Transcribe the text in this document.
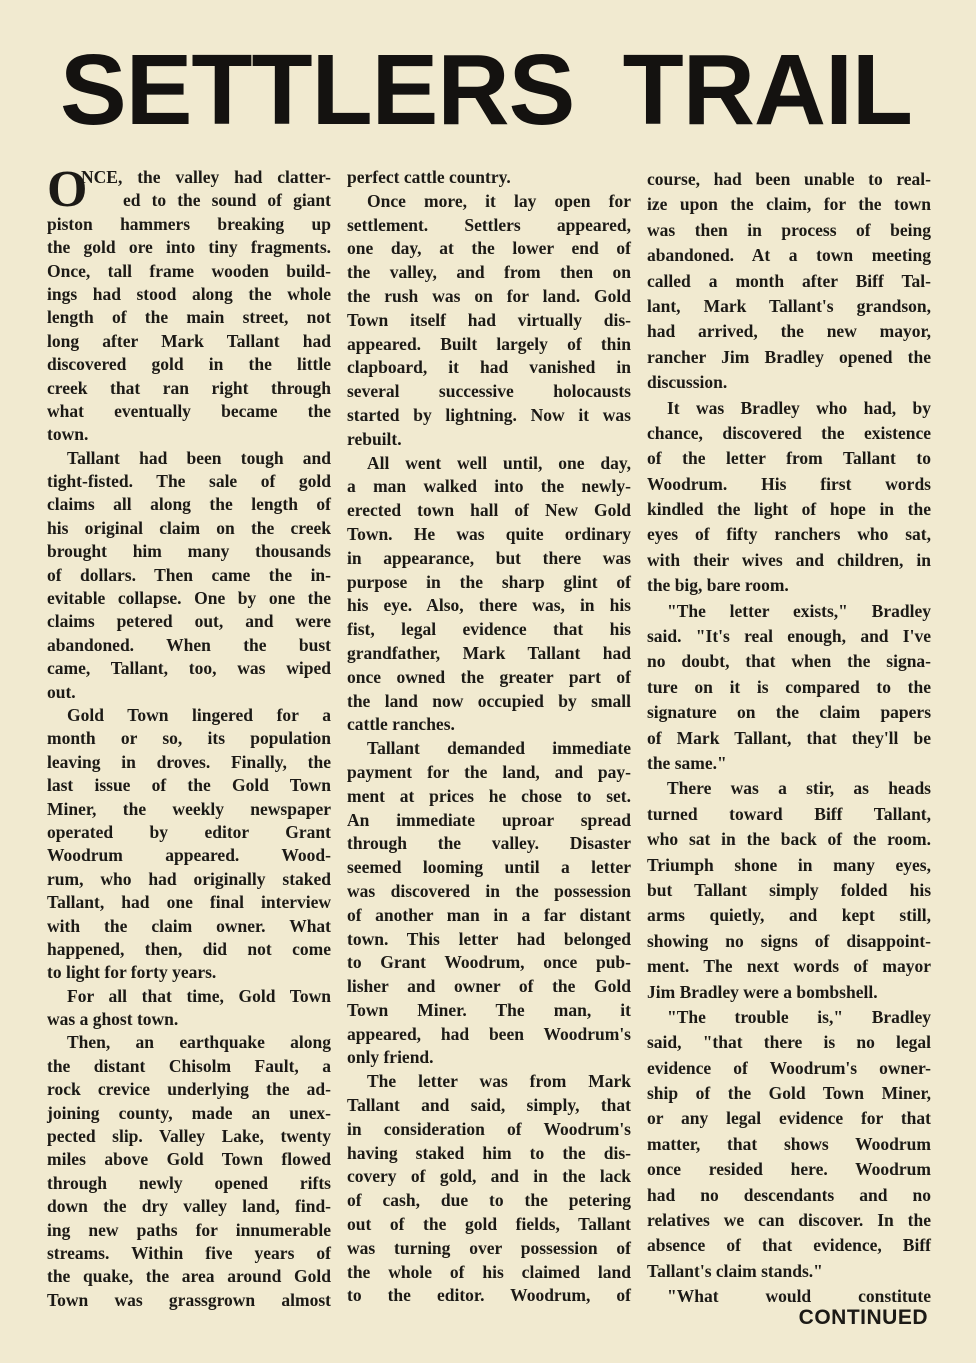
SETTLERS TRAIL
O
NCE, the valley had clatter-
ed to the sound of giant
piston hammers breaking up
the gold ore into tiny fragments.
Once, tall frame wooden build-
ings had stood along the whole
length of the main street, not
long after Mark Tallant had
discovered gold in the little
creek that ran right through
what eventually became the
town.
Tallant had been tough and
tight-fisted. The sale of gold
claims all along the length of
his original claim on the creek
brought him many thousands
of dollars. Then came the in-
evitable collapse. One by one the
claims petered out, and were
abandoned. When the bust
came, Tallant, too, was wiped
out.
Gold Town lingered for a
month or so, its population
leaving in droves. Finally, the
last issue of the Gold Town
Miner, the weekly newspaper
operated by editor Grant
Woodrum appeared. Wood-
rum, who had originally staked
Tallant, had one final interview
with the claim owner. What
happened, then, did not come
to light for forty years.
For all that time, Gold Town
was a ghost town.
Then, an earthquake along
the distant Chisolm Fault, a
rock crevice underlying the ad-
joining county, made an unex-
pected slip. Valley Lake, twenty
miles above Gold Town flowed
through newly opened rifts
down the dry valley land, find-
ing new paths for innumerable
streams. Within five years of
the quake, the area around Gold
Town was grassgrown almost
perfect cattle country.
Once more, it lay open for
settlement. Settlers appeared,
one day, at the lower end of
the valley, and from then on
the rush was on for land. Gold
Town itself had virtually dis-
appeared. Built largely of thin
clapboard, it had vanished in
several successive holocausts
started by lightning. Now it was
rebuilt.
All went well until, one day,
a man walked into the newly-
erected town hall of New Gold
Town. He was quite ordinary
in appearance, but there was
purpose in the sharp glint of
his eye. Also, there was, in his
fist, legal evidence that his
grandfather, Mark Tallant had
once owned the greater part of
the land now occupied by small
cattle ranches.
Tallant demanded immediate
payment for the land, and pay-
ment at prices he chose to set.
An immediate uproar spread
through the valley. Disaster
seemed looming until a letter
was discovered in the possession
of another man in a far distant
town. This letter had belonged
to Grant Woodrum, once pub-
lisher and owner of the Gold
Town Miner. The man, it
appeared, had been Woodrum's
only friend.
The letter was from Mark
Tallant and said, simply, that
in consideration of Woodrum's
having staked him to the dis-
covery of gold, and in the lack
of cash, due to the petering
out of the gold fields, Tallant
was turning over possession of
the whole of his claimed land
to the editor. Woodrum, of
course, had been unable to real-
ize upon the claim, for the town
was then in process of being
abandoned. At a town meeting
called a month after Biff Tal-
lant, Mark Tallant's grandson,
had arrived, the new mayor,
rancher Jim Bradley opened the
discussion.
It was Bradley who had, by
chance, discovered the existence
of the letter from Tallant to
Woodrum. His first words
kindled the light of hope in the
eyes of fifty ranchers who sat,
with their wives and children, in
the big, bare room.
"The letter exists," Bradley
said. "It's real enough, and I've
no doubt, that when the signa-
ture on it is compared to the
signature on the claim papers
of Mark Tallant, that they'll be
the same."
There was a stir, as heads
turned toward Biff Tallant,
who sat in the back of the room.
Triumph shone in many eyes,
but Tallant simply folded his
arms quietly, and kept still,
showing no signs of disappoint-
ment. The next words of mayor
Jim Bradley were a bombshell.
"The trouble is," Bradley
said, "that there is no legal
evidence of Woodrum's owner-
ship of the Gold Town Miner,
or any legal evidence for that
matter, that shows Woodrum
once resided here. Woodrum
had no descendants and no
relatives we can discover. In the
absence of that evidence, Biff
Tallant's claim stands."
"What would constitute
CONTINUED
